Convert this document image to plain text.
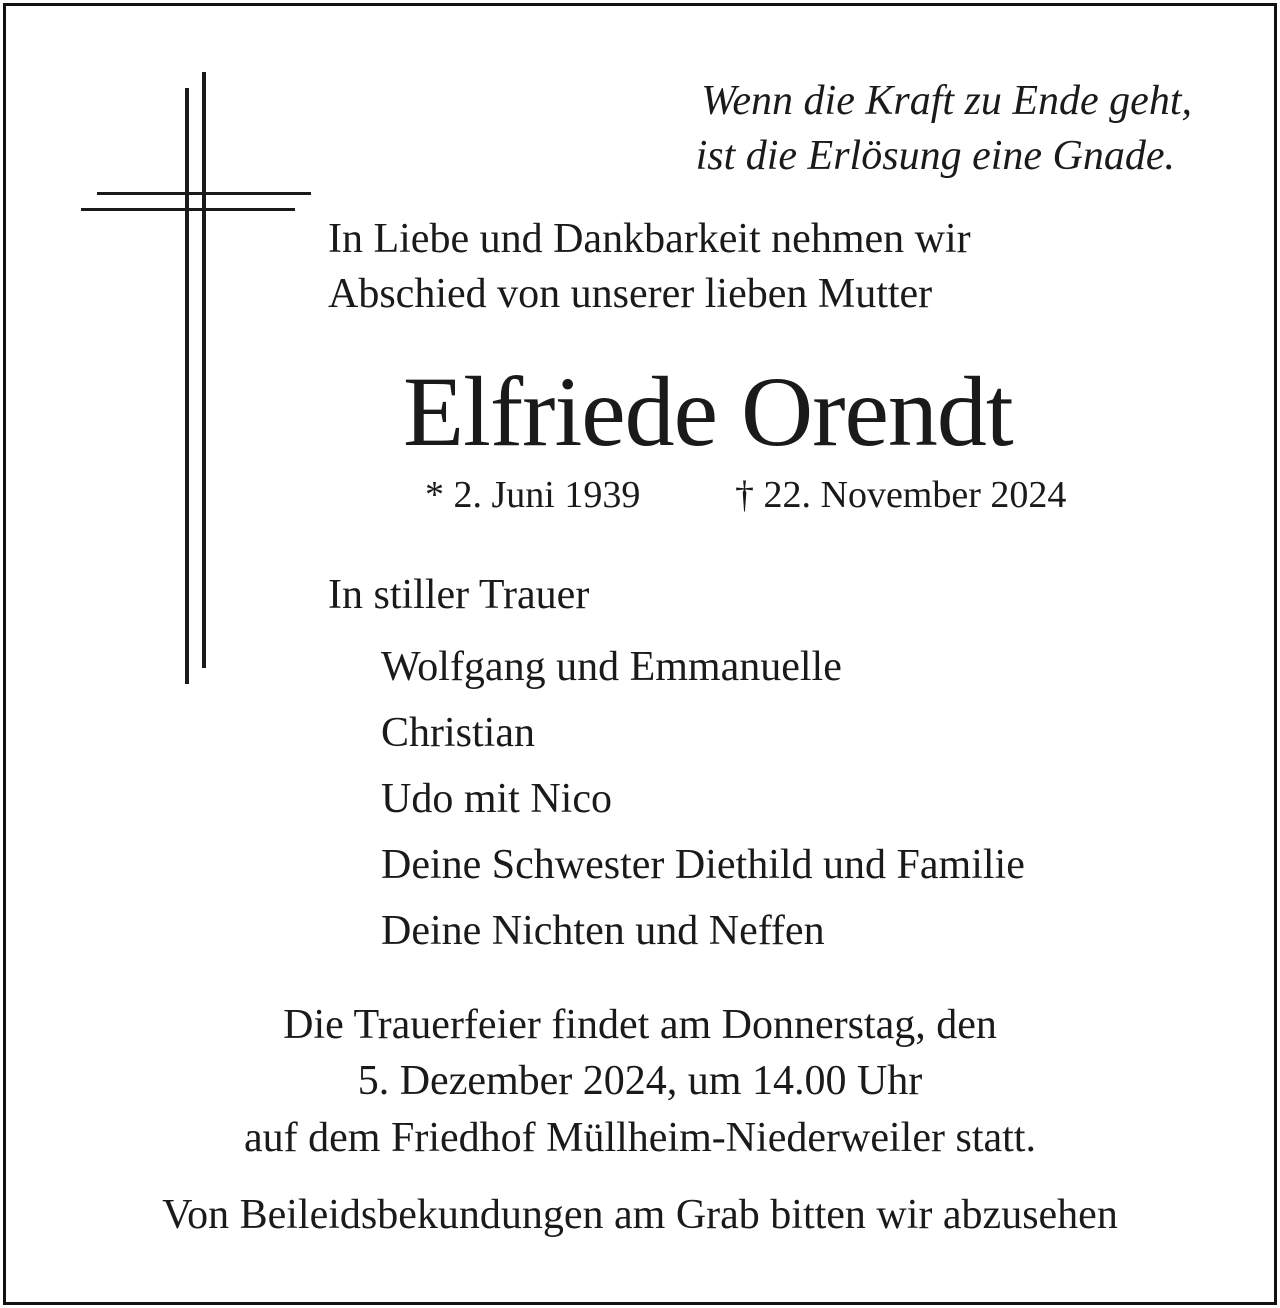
Wenn die Kraft zu Ende geht,
ist die Erlösung eine Gnade.
In Liebe und Dankbarkeit nehmen wir
Abschied von unserer lieben Mutter
Elfriede Orendt
* 2. Juni 1939 † 22. November 2024
In stiller Trauer
Wolfgang und Emmanuelle
Christian
Udo mit Nico
Deine Schwester Diethild und Familie
Deine Nichten und Neffen
Die Trauerfeier findet am Donnerstag, den
5. Dezember 2024, um 14.00 Uhr
auf dem Friedhof Müllheim-Niederweiler statt.
Von Beileidsbekundungen am Grab bitten wir abzusehen
